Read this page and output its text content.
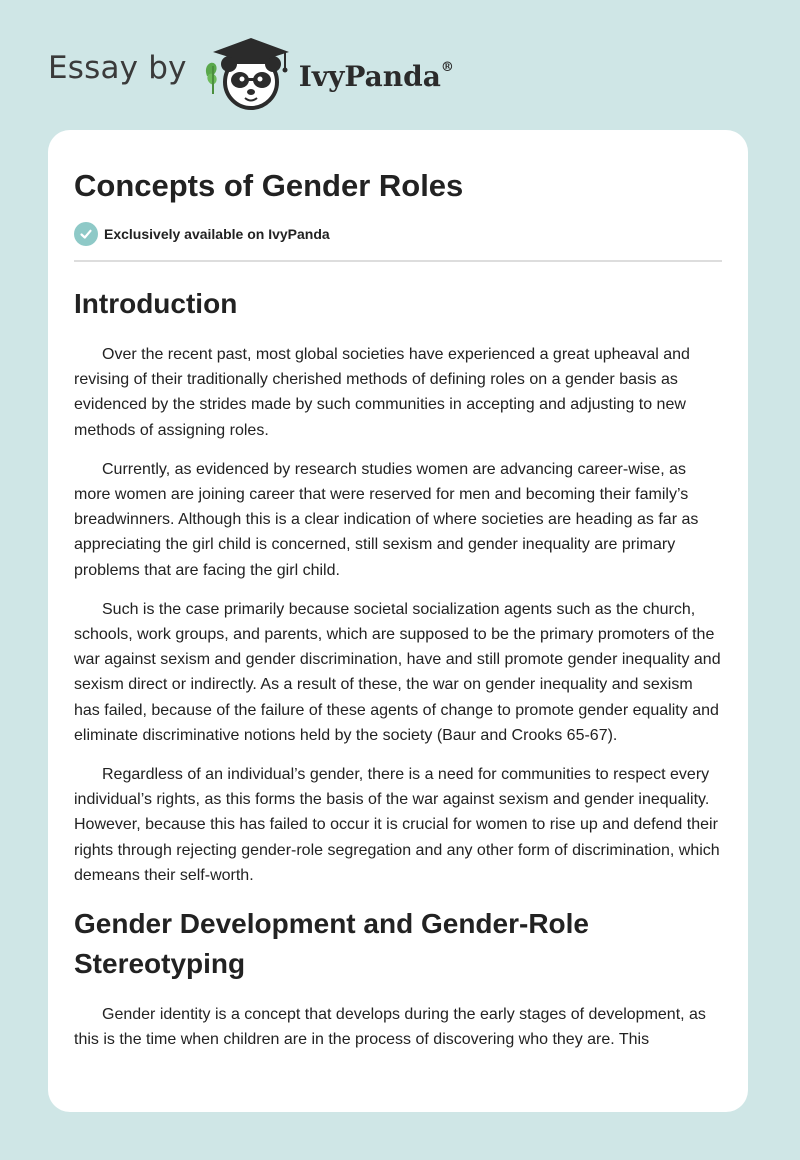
Essay by	IvyPanda®
Concepts of Gender Roles
Exclusively available on IvyPanda
Introduction

Over the recent past, most global societies have experienced a great upheaval and revising of their traditionally cherished methods of defining roles on a gender basis as evidenced by the strides made by such communities in accepting and adjusting to new methods of assigning roles.

Currently, as evidenced by research studies women are advancing career-wise, as more women are joining career that were reserved for men and becoming their family’s breadwinners. Although this is a clear indication of where societies are heading as far as appreciating the girl child is concerned, still sexism and gender inequality are primary problems that are facing the girl child.

Such is the case primarily because societal socialization agents such as the church, schools, work groups, and parents, which are supposed to be the primary promoters of the war against sexism and gender discrimination, have and still promote gender inequality and sexism direct or indirectly. As a result of these, the war on gender inequality and sexism has failed, because of the failure of these agents of change to promote gender equality and eliminate discriminative notions held by the society (Baur and Crooks 65-67).

Regardless of an individual’s gender, there is a need for communities to respect every individual’s rights, as this forms the basis of the war against sexism and gender inequality. However, because this has failed to occur it is crucial for women to rise up and defend their rights through rejecting gender-role segregation and any other form of discrimination, which demeans their self-worth.

Gender Development and Gender-Role Stereotyping

Gender identity is a concept that develops during the early stages of development, as this is the time when children are in the process of discovering who they are. This
